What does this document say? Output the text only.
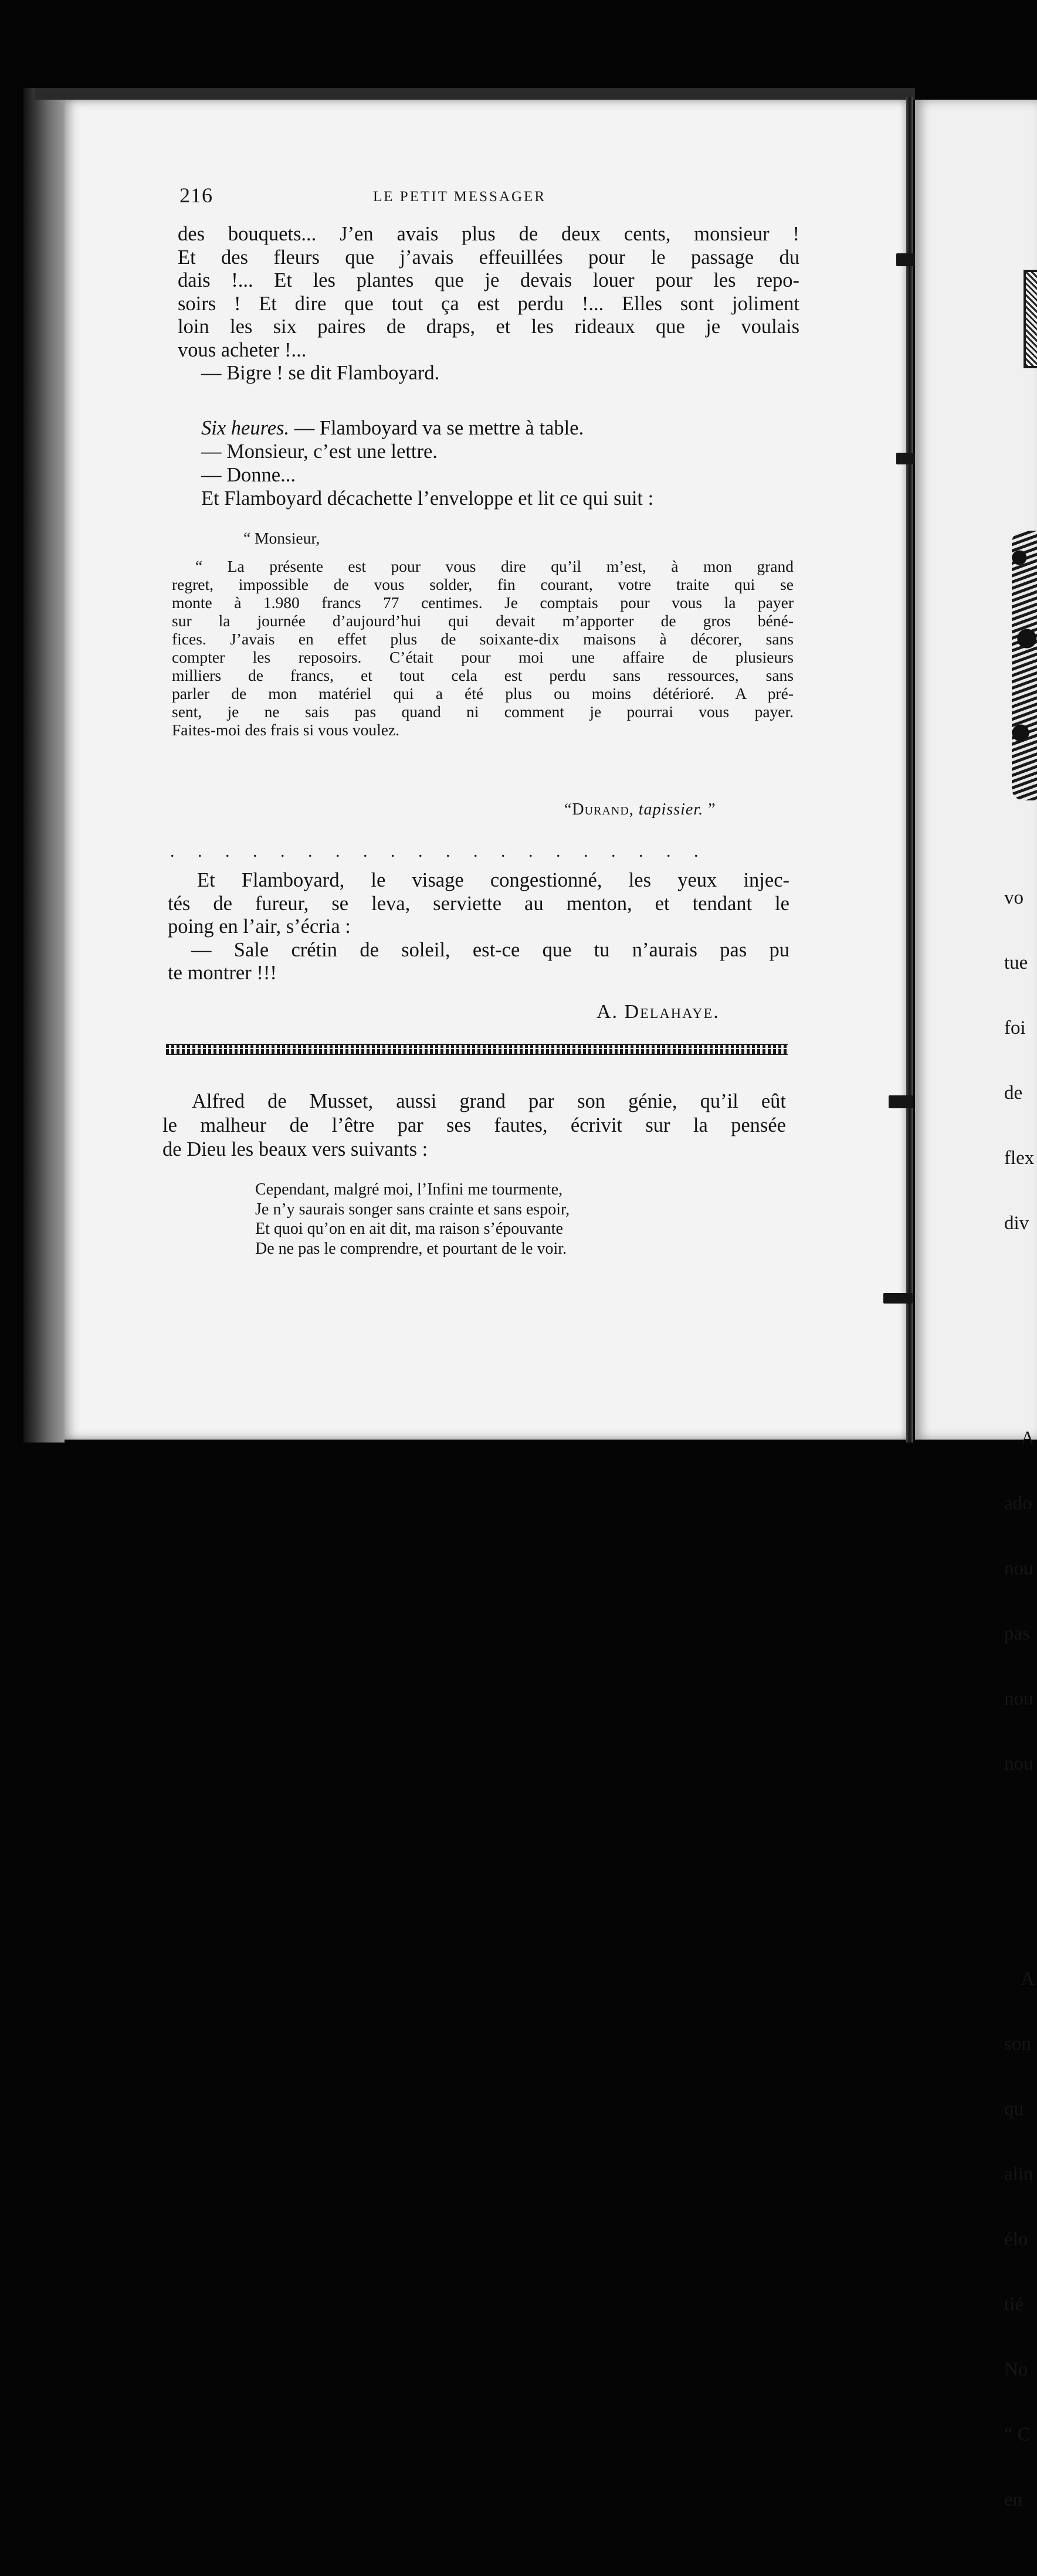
vo

tue

foi

de

flex

div

A

ado

nou

pas

nou

nou

A

son

qu

alin

élo

tié

No

“ C

en

216	LE PETIT MESSAGER
des bouquets... J’en avais plus de deux cents, monsieur !
Et des fleurs que j’avais effeuillées pour le passage du
dais !... Et les plantes que je devais louer pour les repo-
soirs ! Et dire que tout ça est perdu !... Elles sont joliment
loin les six paires de draps, et les rideaux que je voulais
vous acheter !...
— Bigre ! se dit Flamboyard.
Six heures. — Flamboyard va se mettre à table.
— Monsieur, c’est une lettre.
— Donne...
Et Flamboyard décachette l’enveloppe et lit ce qui suit :
“ Monsieur,
“ La présente est pour vous dire qu’il m’est, à mon grand
regret, impossible de vous solder, fin courant, votre traite qui se
monte à 1.980 francs 77 centimes. Je comptais pour vous la payer
sur la journée d’aujourd’hui qui devait m’apporter de gros béné-
fices. J’avais en effet plus de soixante-dix maisons à décorer, sans
compter les reposoirs. C’était pour moi une affaire de plusieurs
milliers de francs, et tout cela est perdu sans ressources, sans
parler de mon matériel qui a été plus ou moins détérioré. A pré-
sent, je ne sais pas quand ni comment je pourrai vous payer.
Faites-moi des frais si vous voulez.
“Durand, tapissier. ”
....................
Et Flamboyard, le visage congestionné, les yeux injec-
tés de fureur, se leva, serviette au menton, et tendant le
poing en l’air, s’écria :
— Sale crétin de soleil, est-ce que tu n’aurais pas pu
te montrer !!!
A. Delahaye.
Alfred de Musset, aussi grand par son génie, qu’il eût
le malheur de l’être par ses fautes, écrivit sur la pensée
de Dieu les beaux vers suivants :
Cependant, malgré moi, l’Infini me tourmente,
Je n’y saurais songer sans crainte et sans espoir,
Et quoi qu’on en ait dit, ma raison s’épouvante
De ne pas le comprendre, et pourtant de le voir.
